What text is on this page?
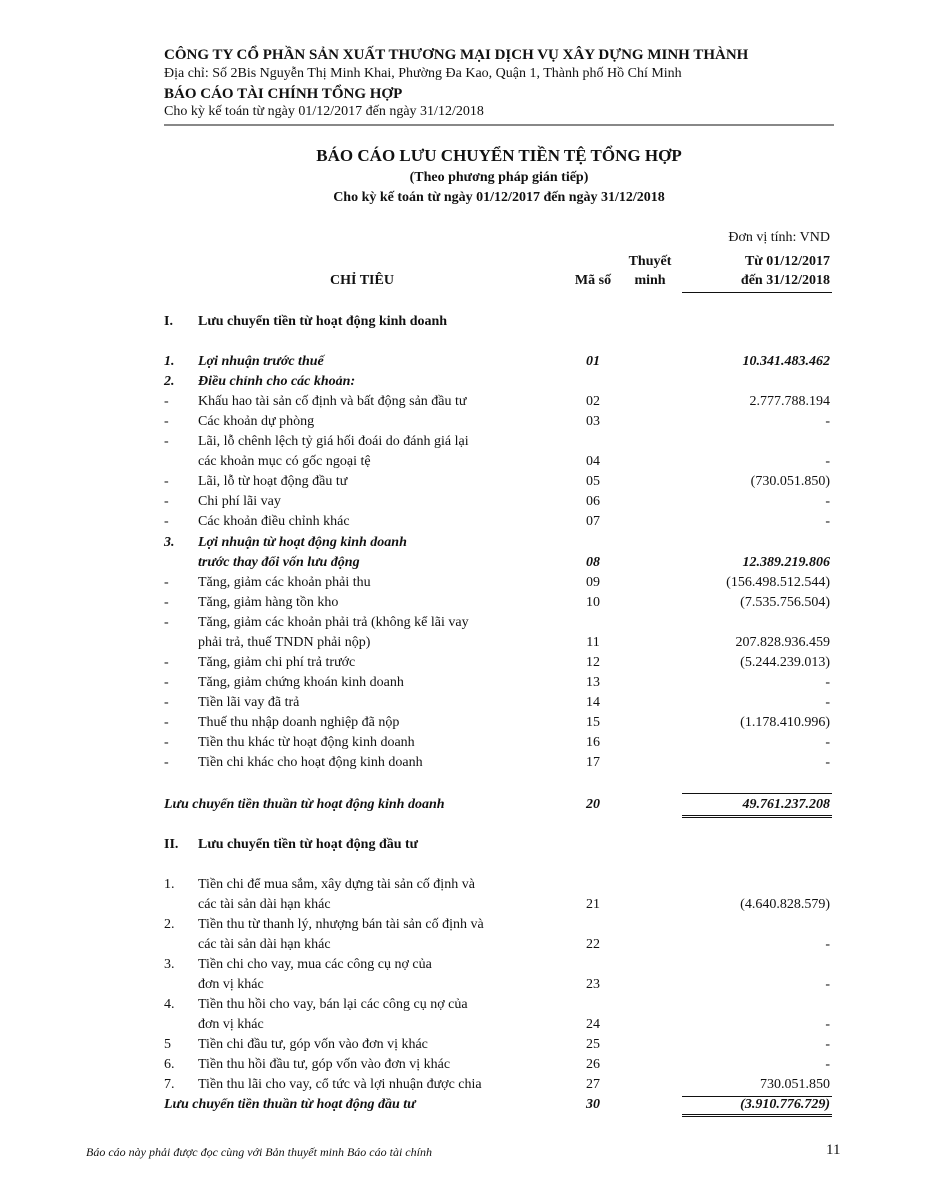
CÔNG TY CỔ PHẦN SẢN XUẤT THƯƠNG MẠI DỊCH VỤ XÂY DỰNG MINH THÀNH
Địa chỉ: Số 2Bis Nguyễn Thị Minh Khai, Phường Đa Kao, Quận 1, Thành phố Hồ Chí Minh
BÁO CÁO TÀI CHÍNH TỔNG HỢP
Cho kỳ kế toán từ ngày 01/12/2017 đến ngày 31/12/2018
BÁO CÁO LƯU CHUYỂN TIỀN TỆ TỔNG HỢP
(Theo phương pháp gián tiếp)
Cho kỳ kế toán từ ngày 01/12/2017 đến ngày 31/12/2018
Đơn vị tính: VND
CHỈ TIÊU	Mã số
Thuyết
minh
Từ 01/12/2017
đến 31/12/2018
I.	Lưu chuyển tiền từ hoạt động kinh doanh
1.	Lợi nhuận trước thuế	01	10.341.483.462
2.	Điều chỉnh cho các khoản:
-	Khấu hao tài sản cố định và bất động sản đầu tư	02	2.777.788.194
-	Các khoản dự phòng	03	-
-	Lãi, lỗ chênh lệch tỷ giá hối đoái do đánh giá lại
các khoản mục có gốc ngoại tệ	04	-
-	Lãi, lỗ từ hoạt động đầu tư	05	(730.051.850)
-	Chi phí lãi vay	06	-
-	Các khoản điều chỉnh khác	07	-
3.	Lợi nhuận từ hoạt động kinh doanh
trước thay đổi vốn lưu động	08	12.389.219.806
-	Tăng, giảm các khoản phải thu	09	(156.498.512.544)
-	Tăng, giảm hàng tồn kho	10	(7.535.756.504)
-	Tăng, giảm các khoản phải trả (không kể lãi vay
phải trả, thuế TNDN phải nộp)	11	207.828.936.459
-	Tăng, giảm chi phí trả trước	12	(5.244.239.013)
-	Tăng, giảm chứng khoán kinh doanh	13	-
-	Tiền lãi vay đã trả	14	-
-	Thuế thu nhập doanh nghiệp đã nộp	15	(1.178.410.996)
-	Tiền thu khác từ hoạt động kinh doanh	16	-
-	Tiền chi khác cho hoạt động kinh doanh	17	-
Lưu chuyển tiền thuần từ hoạt động kinh doanh	20	49.761.237.208
II.	Lưu chuyển tiền từ hoạt động đầu tư
1.	Tiền chi để mua sắm, xây dựng tài sản cố định và
các tài sản dài hạn khác	21	(4.640.828.579)
2.	Tiền thu từ thanh lý, nhượng bán tài sản cố định và
các tài sản dài hạn khác	22	-
3.	Tiền chi cho vay, mua các công cụ nợ của
đơn vị khác	23	-
4.	Tiền thu hồi cho vay, bán lại các công cụ nợ của
đơn vị khác	24	-
5	Tiền chi đầu tư, góp vốn vào đơn vị khác	25	-
6.	Tiền thu hồi đầu tư, góp vốn vào đơn vị khác	26	-
7.	Tiền thu lãi cho vay, cổ tức và lợi nhuận được chia	27	730.051.850
Lưu chuyển tiền thuần từ hoạt động đầu tư	30	(3.910.776.729)
Báo cáo này phải được đọc cùng với Bản thuyết minh Báo cáo tài chính	11
